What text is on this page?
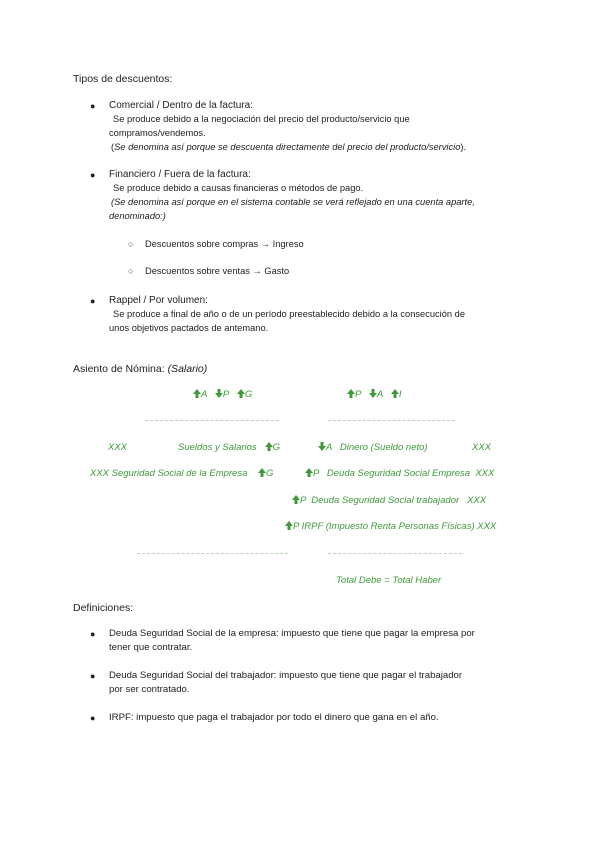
Tipos de descuentos:
● Comercial / Dentro de la factura:
Se produce debido a la negociación del precio del producto/servicio que
compramos/vendemos.
(Se denomina así porque se descuenta directamente del precio del producto/servicio).
● Financiero / Fuera de la factura:
Se produce debido a causas financieras o métodos de pago.
(Se denomina así porque en el sistema contable se verá reflejado en una cuenta aparte,
denominado:)
○ Descuentos sobre compras → Ingreso
○ Descuentos sobre ventas → Gasto
● Rappel / Por volumen:
Se produce a final de año o de un período preestablecido debido a la consecución de
unos objetivos pactados de antemano.
Asiento de Nómina: (Salario)
A P G	P A I
XXX	Sueldos y Salarios G	A Dinero (Sueldo neto)	XXX
XXX Seguridad Social de la Empresa G	P Deuda Seguridad Social Empresa XXX
P Deuda Seguridad Social trabajador XXX
P IRPF (Impuesto Renta Personas Físicas) XXX
Total Debe = Total Haber
Definiciones:
● Deuda Seguridad Social de la empresa: impuesto que tiene que pagar la empresa por
tener que contratar.
● Deuda Seguridad Social del trabajador: impuesto que tiene que pagar el trabajador
por ser contratado.
● IRPF: impuesto que paga el trabajador por todo el dinero que gana en el año.
